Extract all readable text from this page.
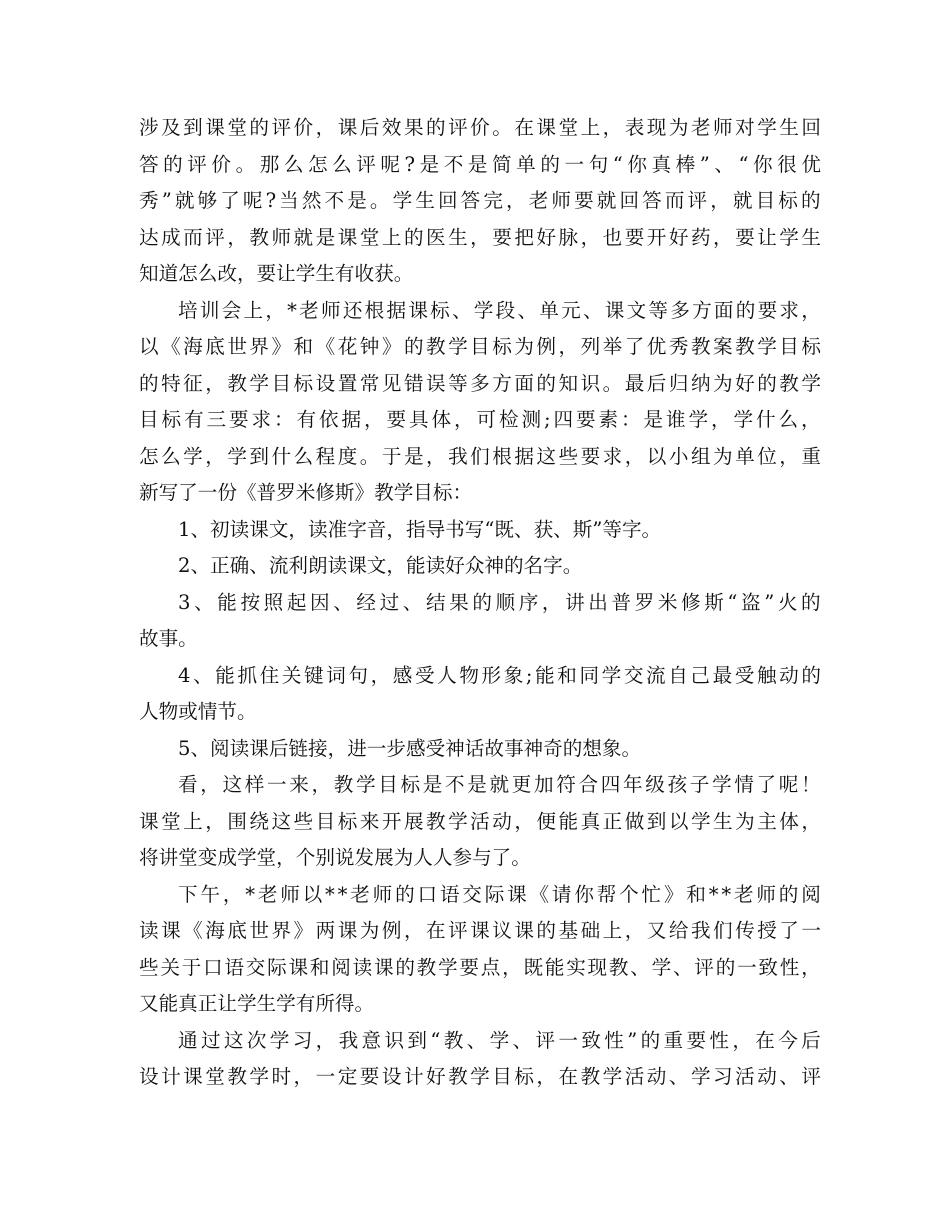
涉 及 到 课 堂 的 评 价 ， 课 后 效 果 的 评 价 。 在 课 堂 上 ， 表 现 为 老 师 对 学 生 回
答 的 评 价 。 那 么 怎 么 评 呢 ? 是 不 是 简 单 的 一 句 “ 你 真 棒 ” 、 “ 你 很 优
秀 ” 就 够 了 呢 ? 当 然 不 是 。 学 生 回 答 完 ， 老 师 要 就 回 答 而 评 ， 就 目 标 的
达 成 而 评 ， 教 师 就 是 课 堂 上 的 医 生 ， 要 把 好 脉 ， 也 要 开 好 药 ， 要 让 学 生
知道怎么改，要让学生有收获。
培 训 会 上 ， * 老 师 还 根 据 课 标 、 学 段 、 单 元 、 课 文 等 多 方 面 的 要 求 ，
以 《 海 底 世 界 》 和 《 花 钟 》 的 教 学 目 标 为 例 ， 列 举 了 优 秀 教 案 教 学 目 标
的 特 征 ， 教 学 目 标 设 置 常 见 错 误 等 多 方 面 的 知 识 。 最 后 归 纳 为 好 的 教 学
目 标 有 三 要 求 ： 有 依 据 ， 要 具 体 ， 可 检 测 ; 四 要 素 ： 是 谁 学 ， 学 什 么 ，
怎 么 学 ， 学 到 什 么 程 度 。 于 是 ， 我 们 根 据 这 些 要 求 ， 以 小 组 为 单 位 ， 重
新写了一份《普罗米修斯》教学目标：
1、初读课文，读准字音，指导书写“既、获、斯”等字。
2、正确、流利朗读课文，能读好众神的名字。
3 、 能 按 照 起 因 、 经 过 、 结 果 的 顺 序 ， 讲 出 普 罗 米 修 斯 “ 盗 ” 火 的
故事。
4 、 能 抓 住 关 键 词 句 ， 感 受 人 物 形 象 ; 能 和 同 学 交 流 自 己 最 受 触 动 的
人物或情节。
5、阅读课后链接，进一步感受神话故事神奇的想象。
看 ， 这 样 一 来 ， 教 学 目 标 是 不 是 就 更 加 符 合 四 年 级 孩 子 学 情 了 呢 ！
课 堂 上 ， 围 绕 这 些 目 标 来 开 展 教 学 活 动 ， 便 能 真 正 做 到 以 学 生 为 主 体 ，
将讲堂变成学堂，个别说发展为人人参与了。
下 午 ， * 老 师 以 * * 老 师 的 口 语 交 际 课 《 请 你 帮 个 忙 》 和 * * 老 师 的 阅
读 课 《 海 底 世 界 》 两 课 为 例 ， 在 评 课 议 课 的 基 础 上 ， 又 给 我 们 传 授 了 一
些 关 于 口 语 交 际 课 和 阅 读 课 的 教 学 要 点 ， 既 能 实 现 教 、 学 、 评 的 一 致 性 ，
又能真正让学生学有所得。
通 过 这 次 学 习 ， 我 意 识 到 “ 教 、 学 、 评 一 致 性 ” 的 重 要 性 ， 在 今 后
设 计 课 堂 教 学 时 ， 一 定 要 设 计 好 教 学 目 标 ， 在 教 学 活 动 、 学 习 活 动 、 评
